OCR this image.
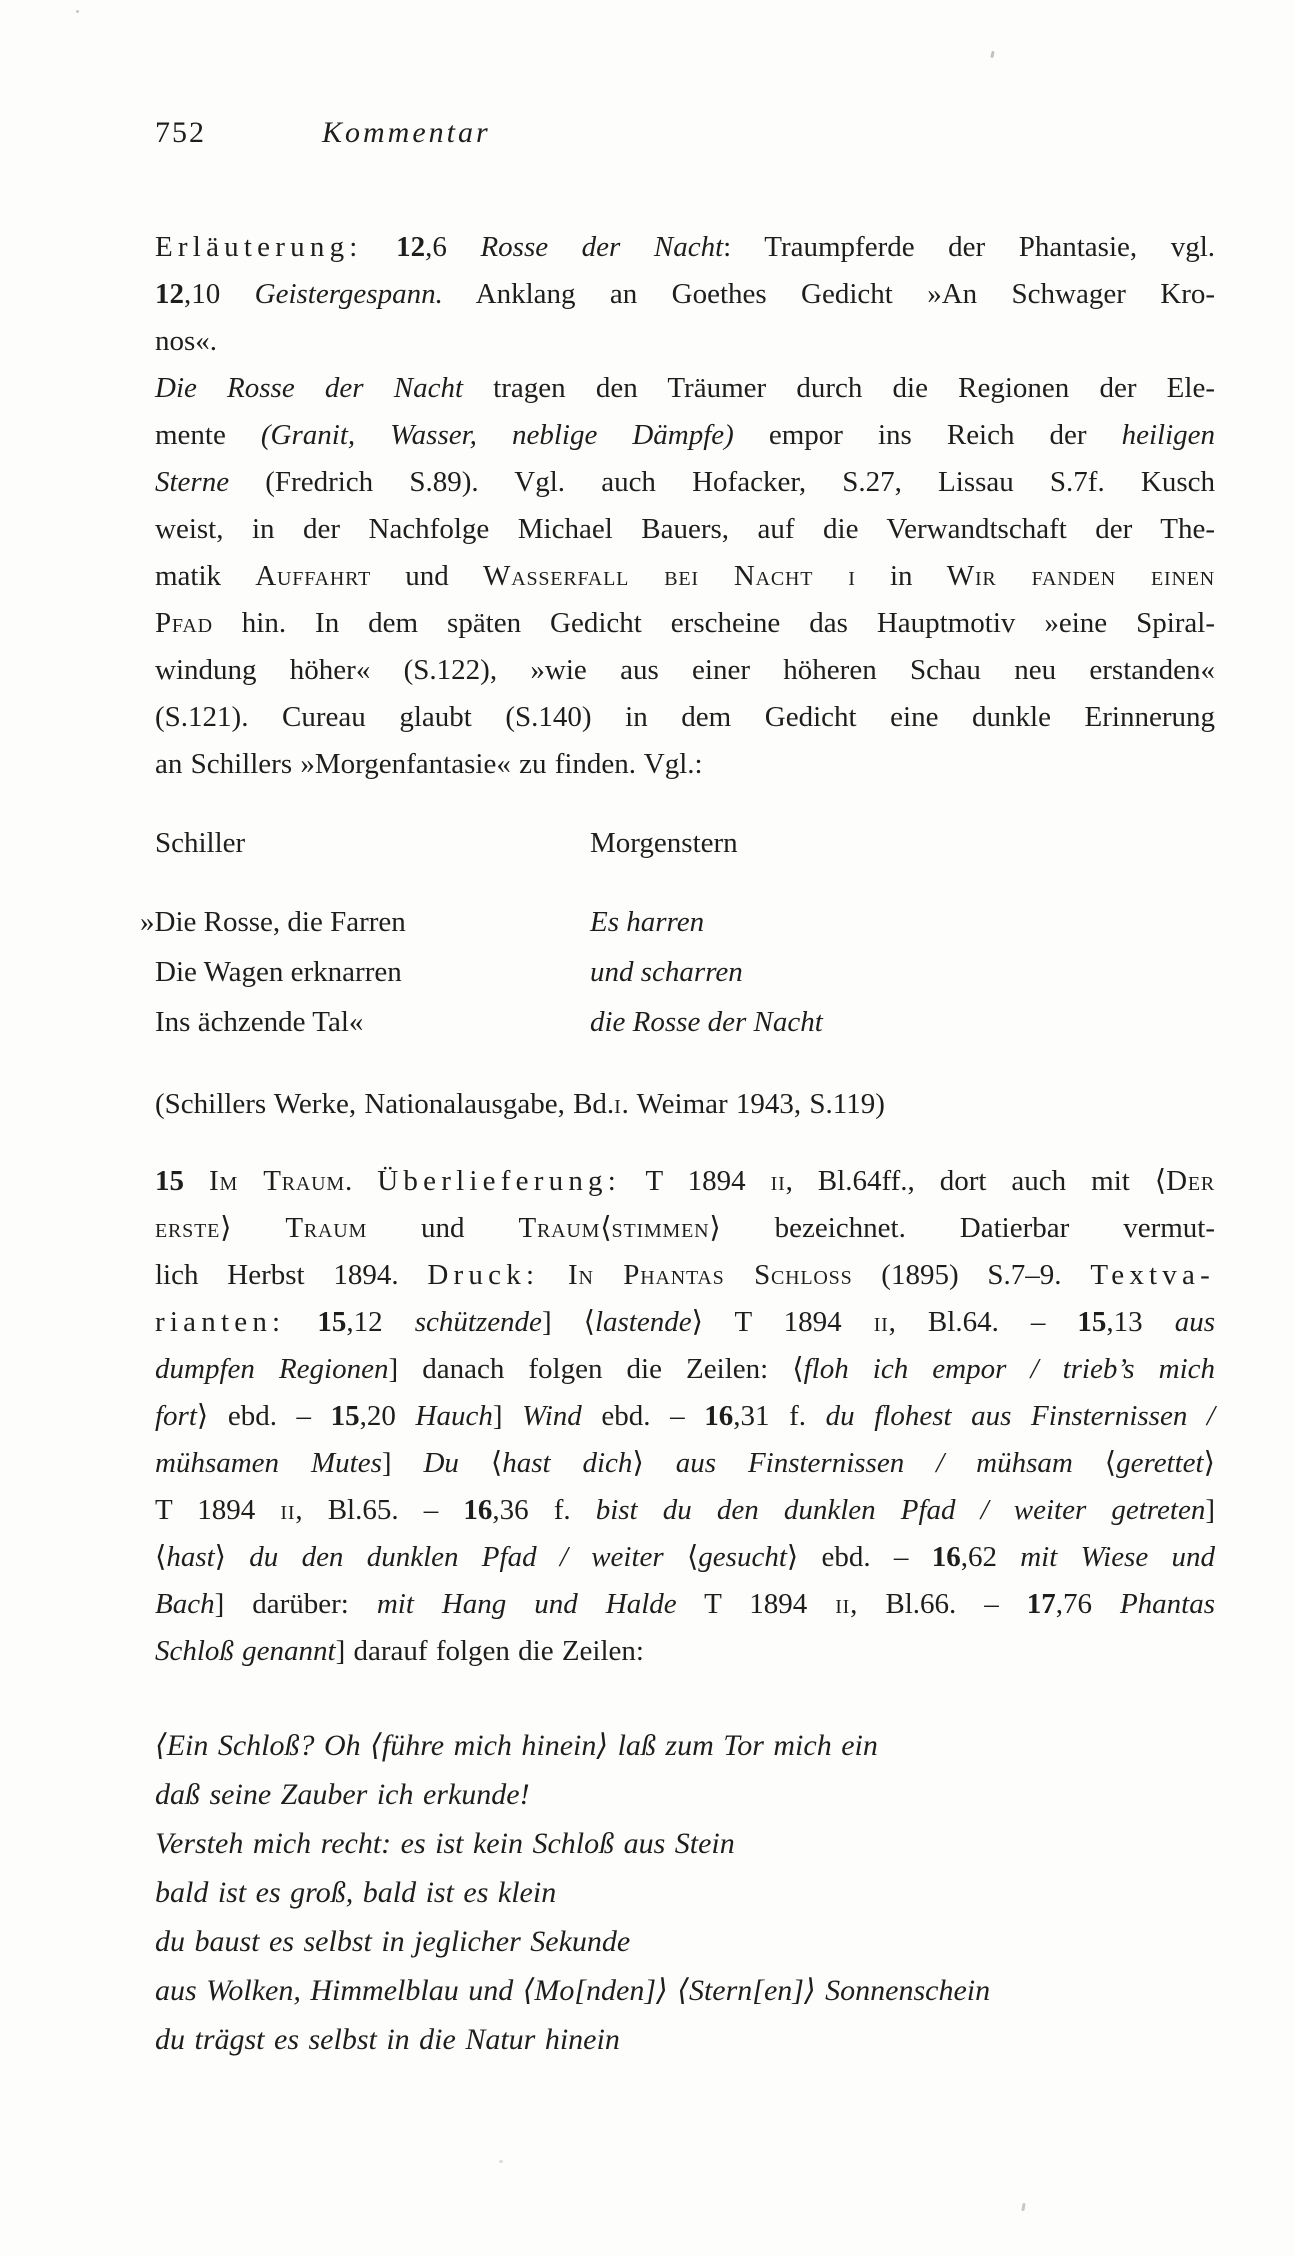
752	Kommentar
Erläuterung: 12,6 Rosse der Nacht: Traumpferde der Phantasie, vgl.
12,10 Geistergespann. Anklang an Goethes Gedicht »An Schwager Kro-
nos«.
Die Rosse der Nacht tragen den Träumer durch die Regionen der Ele-
mente (Granit, Wasser, neblige Dämpfe) empor ins Reich der heiligen
Sterne (Fredrich S.89). Vgl. auch Hofacker, S.27, Lissau S.7f. Kusch
weist, in der Nachfolge Michael Bauers, auf die Verwandtschaft der The-
matik Auffahrt und Wasserfall bei Nacht i in Wir fanden einen
Pfad hin. In dem späten Gedicht erscheine das Hauptmotiv »eine Spiral-
windung höher« (S.122), »wie aus einer höheren Schau neu erstanden«
(S.121). Cureau glaubt (S.140) in dem Gedicht eine dunkle Erinnerung
an Schillers »Morgenfantasie« zu finden. Vgl.:
Schiller
»Die Rosse, die Farren
Die Wagen erknarren
Ins ächzende Tal«
Morgenstern
Es harren
und scharren
die Rosse der Nacht
(Schillers Werke, Nationalausgabe, Bd.i. Weimar 1943, S.119)
15 Im Traum. Überlieferung: T 1894 ii, Bl.64ff., dort auch mit ⟨Der
erste⟩ Traum und Traum⟨stimmen⟩ bezeichnet. Datierbar vermut-
lich Herbst 1894. Druck: In Phantas Schloss (1895) S.7–9. Textva-
rianten: 15,12 schützende] ⟨lastende⟩ T 1894 ii, Bl.64. – 15,13 aus
dumpfen Regionen] danach folgen die Zeilen: ⟨floh ich empor / trieb’s mich
fort⟩ ebd. – 15,20 Hauch] Wind ebd. – 16,31 f. du flohest aus Finsternissen /
mühsamen Mutes] Du ⟨hast dich⟩ aus Finsternissen / mühsam ⟨gerettet⟩
T 1894 ii, Bl.65. – 16,36 f. bist du den dunklen Pfad / weiter getreten]
⟨hast⟩ du den dunklen Pfad / weiter ⟨gesucht⟩ ebd. – 16,62 mit Wiese und
Bach] darüber: mit Hang und Halde T 1894 ii, Bl.66. – 17,76 Phantas
Schloß genannt] darauf folgen die Zeilen:
⟨Ein Schloß? Oh ⟨führe mich hinein⟩ laß zum Tor mich ein
daß seine Zauber ich erkunde!
Versteh mich recht: es ist kein Schloß aus Stein
bald ist es groß, bald ist es klein
du baust es selbst in jeglicher Sekunde
aus Wolken, Himmelblau und ⟨Mo[nden]⟩ ⟨Stern[en]⟩ Sonnenschein
du trägst es selbst in die Natur hinein
